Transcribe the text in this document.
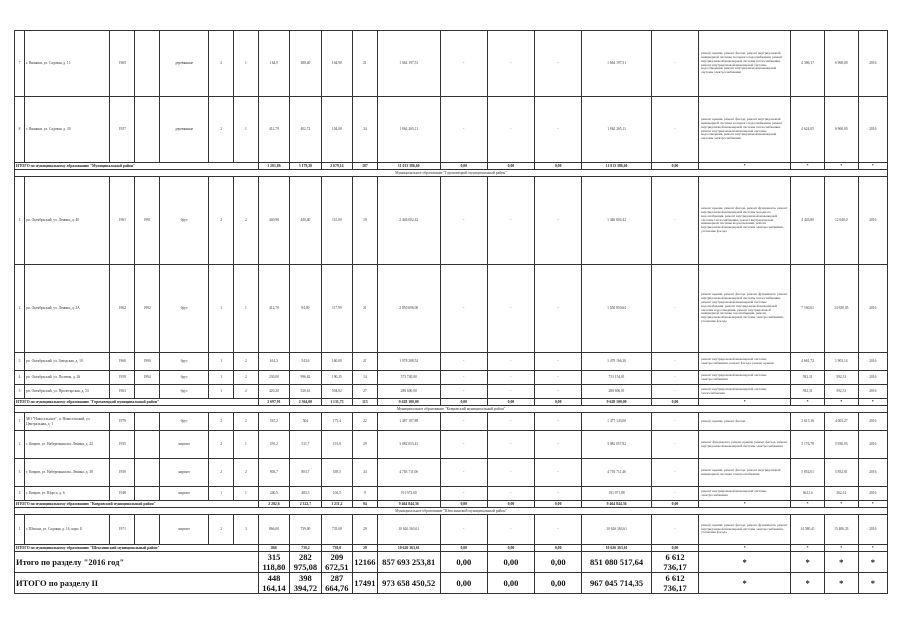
7	г. Вязники, ул. Садовая, д. 11	1965		деревянные	2	1	164,9	380,40	164,90	21	1 664 197,51	-	-	-	1 664 197,51	-	ремонт крыши, ремонт фасада, ремонт внутридомовой инженерной системы холодного водоснабжения, ремонт внутридомовой инженерной системы теплоснабжения, ремонт внутридомовой инженерной системы водоотведения, ремонт внутридомовой инженерной системы электроснабжения	4 386,17	6 968,00	2016
8	г. Вязники, ул. Садовая, д. 30	1957		деревянные	2	1	412,79	402,72	104,00	34	1 862 265,11	-	-	-	1 862 265,11	-	ремонт крыши, ремонт фасада, ремонт внутридомовой инженерной системы холодного водоснабжения, ремонт внутридомовой инженерной системы теплоснабжения, ремонт внутридомовой инженерной системы водоотведения, ремонт внутридомовой инженерной системы электроснабжения	4 624,05	6 968,00	2016
ИТОГО по муниципальному образованию "Муниципальный район"							3 201,86	3 179,20	2 679,14	187	11 013 386,60	0,00	0,00	0,00	11 013 386,60	0,00	*	*	*	*
Муниципальное образование "Гороховецкий муниципальный район"																				
1	рп. Октябрьский, ул. Ленина, д. 40	1961	1991	брус	2	2	440,90	440,40	115,00	19	2 446 002,42	-	-	-	1 446 002,42	-	ремонт крыши, ремонт фасада, ремонт фундамента, ремонт внутридомовой инженерной системы холодного водоснабжения, ремонт внутридомовой инженерной системы теплоснабжения, ремонт внутридомовой инженерной системы водоотведения, ремонт внутридомовой инженерной системы электроснабжения, утепление фасада	4 443,80	12 640,0	2016
2	рп. Октябрьский, ул. Ленина, д. 2А	1962	1992	брус	1	1	412,70	94,00	117,99	21	2 850 696,00	-	-	-	1 550 850,64	-	ремонт крыши, ремонт фасада, ремонт фундамента, ремонт внутридомовой инженерной системы теплоснабжения, ремонт внутридомовой инженерной системы водоснабжения, ремонт внутридомовой инженерной системы водоотведения, ремонт внутридомовой инженерной системы газоснабжения, ремонт внутридомовой инженерной системы электроснабжения, утепление фасада	7 160,01	14 650,05	2016
3	рп. Октябрьский, ул. Заводская, д. 10	1960	1990	брус	1	2	614,3	543,6	160,00	21	1 978 288,52	-	-	-	1 479 166,30	-	ремонт внутридомовой инженерной системы электроснабжения, ремонт фасада, ремонт крыши	4 661,72	1 903,14	2016
4	рп. Октябрьский, ул. Полевая, д. 26	1959	1994	брус	1	2	230,00	996,82	190,25	14	573 740,00	-	-	-	733 154,01	-	ремонт внутридомовой инженерной системы электроснабжения	592,31	592,31	2016
5	рп. Октябрьский, ул. Пролетарская, д. 53	1963		брус	1	2	420,20	520,61	504,02	27	288 600,00	-	-	-	288 600,01	-	ремонт внутридомовой инженерной системы теплоснабжения	592,31	592,31	2016
ИТОГО по муниципальному образованию "Гороховецкий муниципальный район"							2 697,91	2 364,00	1 131,73	113	9 628 100,00	0,00	0,00	0,00	9 628 100,00	0,00	*	*	*	*
Муниципальное образование "Ковровский муниципальный район"																				
1	МО "Новосельское", п. Новосельский, ул. Центральная, д. 1	1979		брус	2	2	567,2	504	175,4	22	1 487 107,89	-	-	-	1 477 143,00	-	ремонт крыши, ремонт фасада	2 615,16	4 003,27	2016
2	г. Ковров, ул. Набережная им. Ленина, д. 42	1935		кирпич	2	1	591,2	531,7	191,8	29	3 082 053,41	-	-	-	3 082 057,82	-	ремонт фундамента, ремонт крыши, ремонт фасада, ремонт внутридомовой инженерной системы электроснабжения	5 176,78	5 936,03	2016
3	г. Ковров, ул. Набережная им. Ленина, д. 38	1950		кирпич	2	2	803,7	803,7	339,5	34	4 703 711,06	-	-	-	4 703 711,46	-	ремонт крыши, ремонт фасада, ремонт внутридомовой инженерной системы электроснабжения	5 852,61	5 852,81	2016
4	г. Ковров, ул. Щорса, д. 6	1948		кирпич	1	1	240,5	483,3	104,5	9	191 972,00	-	-	-	191 971,88	-	ремонт внутридомовой инженерной системы электроснабжения	362,14	362,14	2016
ИТОГО по муниципальному образованию "Ковровский муниципальный район"							2 202,6	2 322,7	1 211,2	94	9 464 844,36	0,00	0,00	0,00	9 464 844,36	0,00	*	*	*	*
Муниципальное образование "Шекснинский муниципальный район"																				
1	г. Шексна, ул. Садовая, д. 16, корп. Б	1971		кирпич	2	3	866,00	739,00	735,00	29	10 626 363,61	-	-	-	10 626 363,61	-	ремонт крыши, ремонт фасада, ремонт фундамента, ремонт внутридомовой инженерной системы электроснабжения, утепление фасада	14 580,41	15 406,33	2016
ИТОГО по муниципальному образованию "Шекснинский муниципальный район"							866	739,2	739,0	29	10 626 363,61	0,00	0,00	0,00	10 626 363,61	0,00	*	*	*	*
Итого по разделу "2016 год"							315 118,80	282 975,08	209 672,51	12166	857 693 253,81	0,00	0,00	0,00	851 080 517,64	6 612 736,17	*	*	*	*
ИТОГО по разделу II							448 164,14	398 394,72	287 664,76	17491	973 658 450,52	0,00	0,00	0,00	967 045 714,35	6 612 736,17	*	*	*	*
